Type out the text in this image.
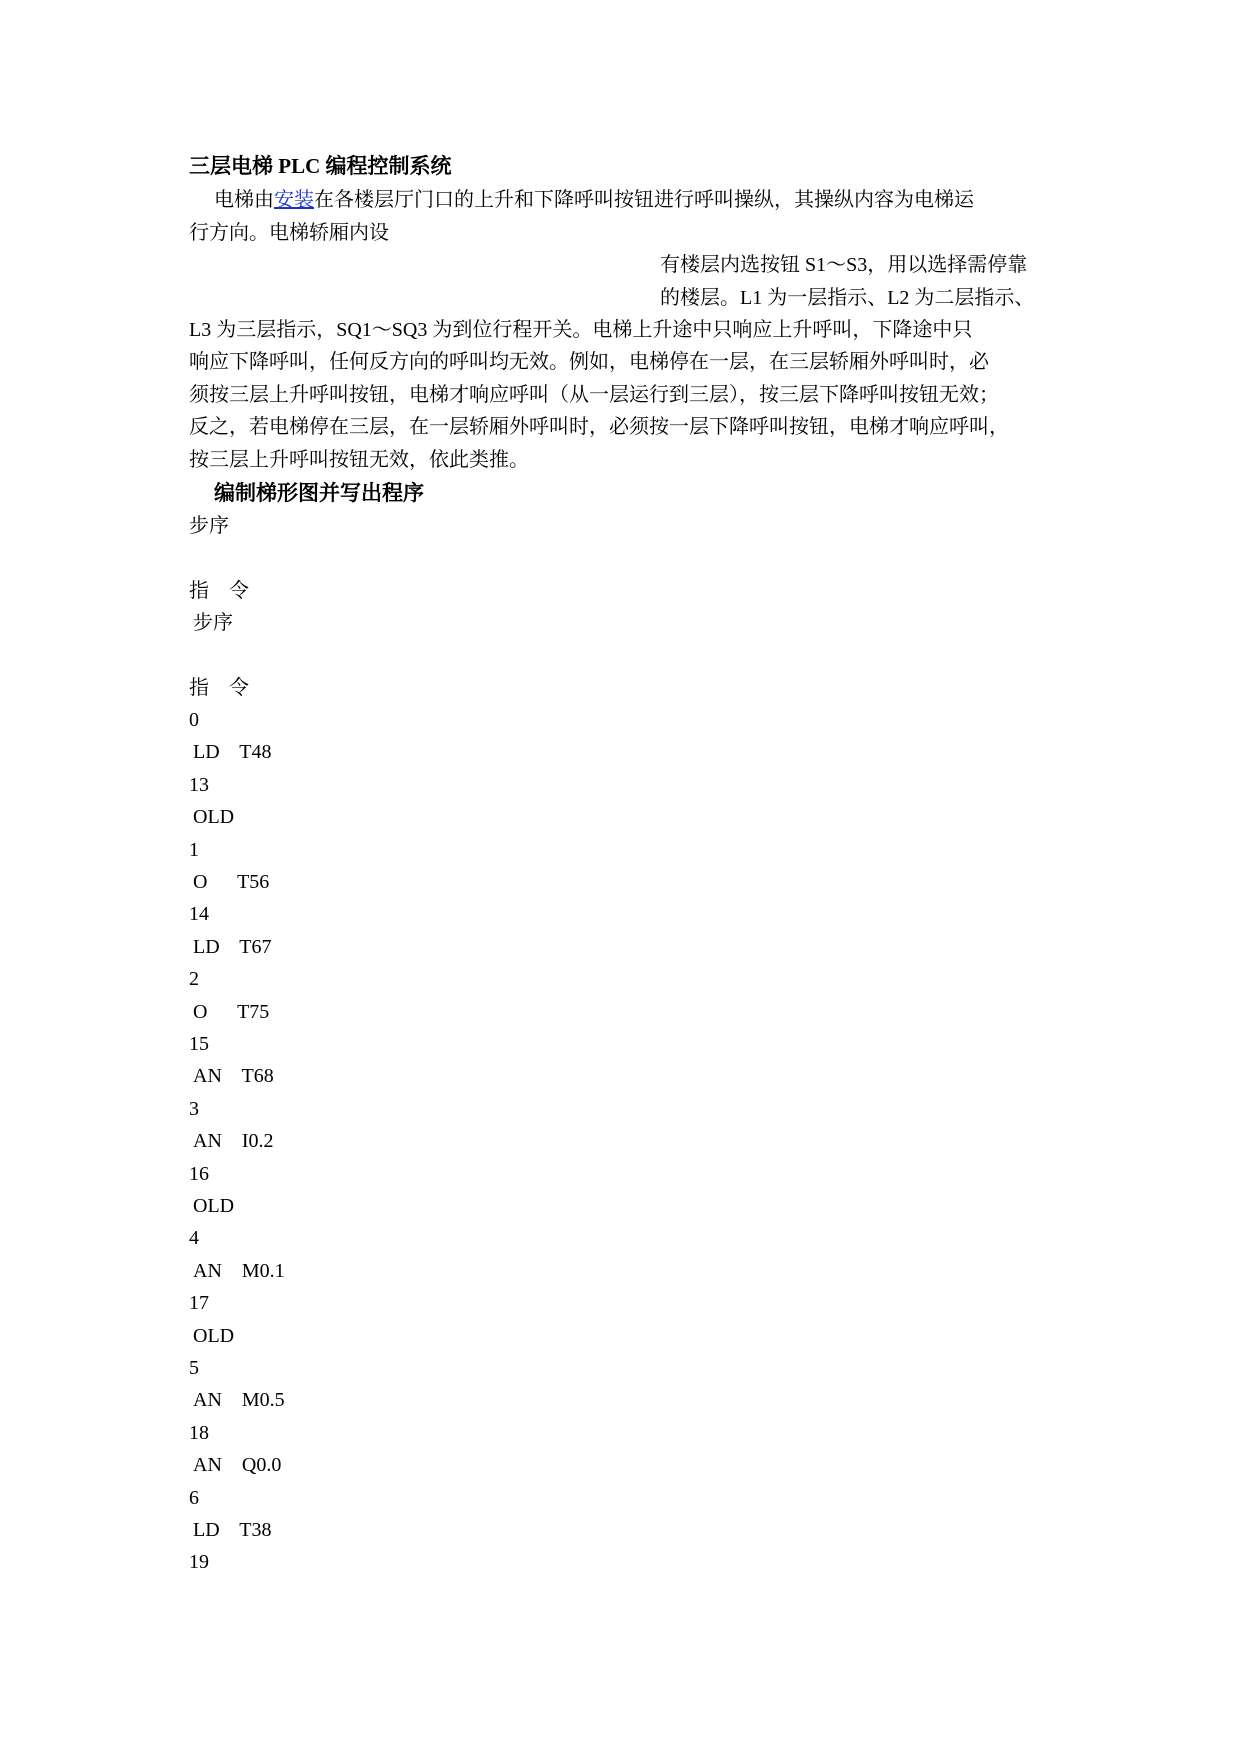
三层电梯 PLC 编程控制系统
电梯由安装在各楼层厅门口的上升和下降呼叫按钮进行呼叫操纵，其操纵内容为电梯运
行方向。电梯轿厢内设
有楼层内选按钮 S1～S3，用以选择需停靠
的楼层。L1 为一层指示、L2 为二层指示、
L3 为三层指示，SQ1～SQ3 为到位行程开关。电梯上升途中只响应上升呼叫，下降途中只
响应下降呼叫，任何反方向的呼叫均无效。例如，电梯停在一层，在三层轿厢外呼叫时，必
须按三层上升呼叫按钮，电梯才响应呼叫（从一层运行到三层），按三层下降呼叫按钮无效；
反之，若电梯停在三层，在一层轿厢外呼叫时，必须按一层下降呼叫按钮，电梯才响应呼叫，
按三层上升呼叫按钮无效，依此类推。
编制梯形图并写出程序
步序
指　令
步序
指　令
0
LD    T48
13
OLD
1
O      T56
14
LD    T67
2
O      T75
15
AN    T68
3
AN    I0.2
16
OLD
4
AN    M0.1
17
OLD
5
AN    M0.5
18
AN    Q0.0
6
LD    T38
19
